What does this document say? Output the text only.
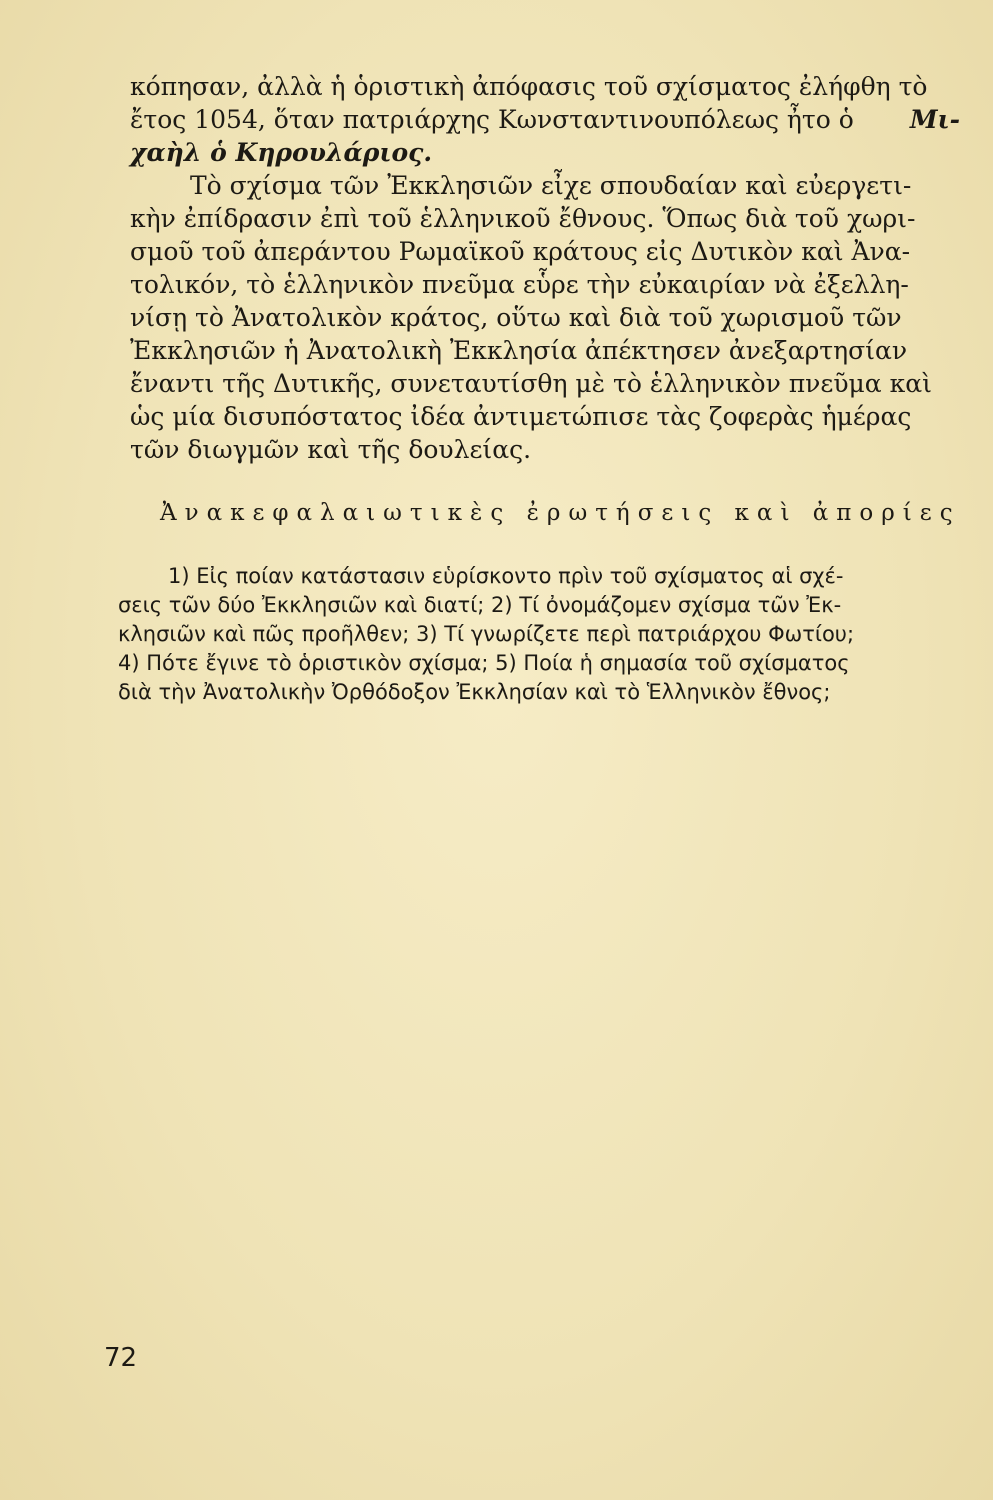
κόπησαν, ἀλλὰ ἡ ὁριστικὴ ἀπόφασις τοῦ σχίσματος ἐλήφθη τὸ
ἔτος 1054, ὅταν πατριάρχης Κωνσταντινουπόλεως ἦτο ὁ Μι-
χαὴλ ὁ Κηρουλάριος.
Τὸ σχίσμα τῶν Ἐκκλησιῶν εἶχε σπουδαίαν καὶ εὐεργετι-
κὴν ἐπίδρασιν ἐπὶ τοῦ ἑλληνικοῦ ἔθνους. Ὅπως διὰ τοῦ χωρι-
σμοῦ τοῦ ἀπεράντου Ρωμαϊκοῦ κράτους εἰς Δυτικὸν καὶ Ἀνα-
τολικόν, τὸ ἑλληνικὸν πνεῦμα εὗρε τὴν εὐκαιρίαν νὰ ἐξελλη-
νίσῃ τὸ Ἀνατολικὸν κράτος, οὕτω καὶ διὰ τοῦ χωρισμοῦ τῶν
Ἐκκλησιῶν ἡ Ἀνατολικὴ Ἐκκλησία ἀπέκτησεν ἀνεξαρτησίαν
ἔναντι τῆς Δυτικῆς, συνεταυτίσθη μὲ τὸ ἑλληνικὸν πνεῦμα καὶ
ὡς μία δισυπόστατος ἰδέα ἀντιμετώπισε τὰς ζοφερὰς ἡμέρας
τῶν διωγμῶν καὶ τῆς δουλείας.
Ἀνακεφαλαιωτικὲς ἐρωτήσεις καὶ ἀπορίες
1) Εἰς ποίαν κατάστασιν εὑρίσκοντο πρὶν τοῦ σχίσματος αἱ σχέ-
σεις τῶν δύο Ἐκκλησιῶν καὶ διατί; 2) Τί ὀνομάζομεν σχίσμα τῶν Ἐκ-
κλησιῶν καὶ πῶς προῆλθεν; 3) Τί γνωρίζετε περὶ πατριάρχου Φωτίου;
4) Πότε ἔγινε τὸ ὁριστικὸν σχίσμα; 5) Ποία ἡ σημασία τοῦ σχίσματος
διὰ τὴν Ἀνατολικὴν Ὀρθόδοξον Ἐκκλησίαν καὶ τὸ Ἑλληνικὸν ἔθνος;
72
